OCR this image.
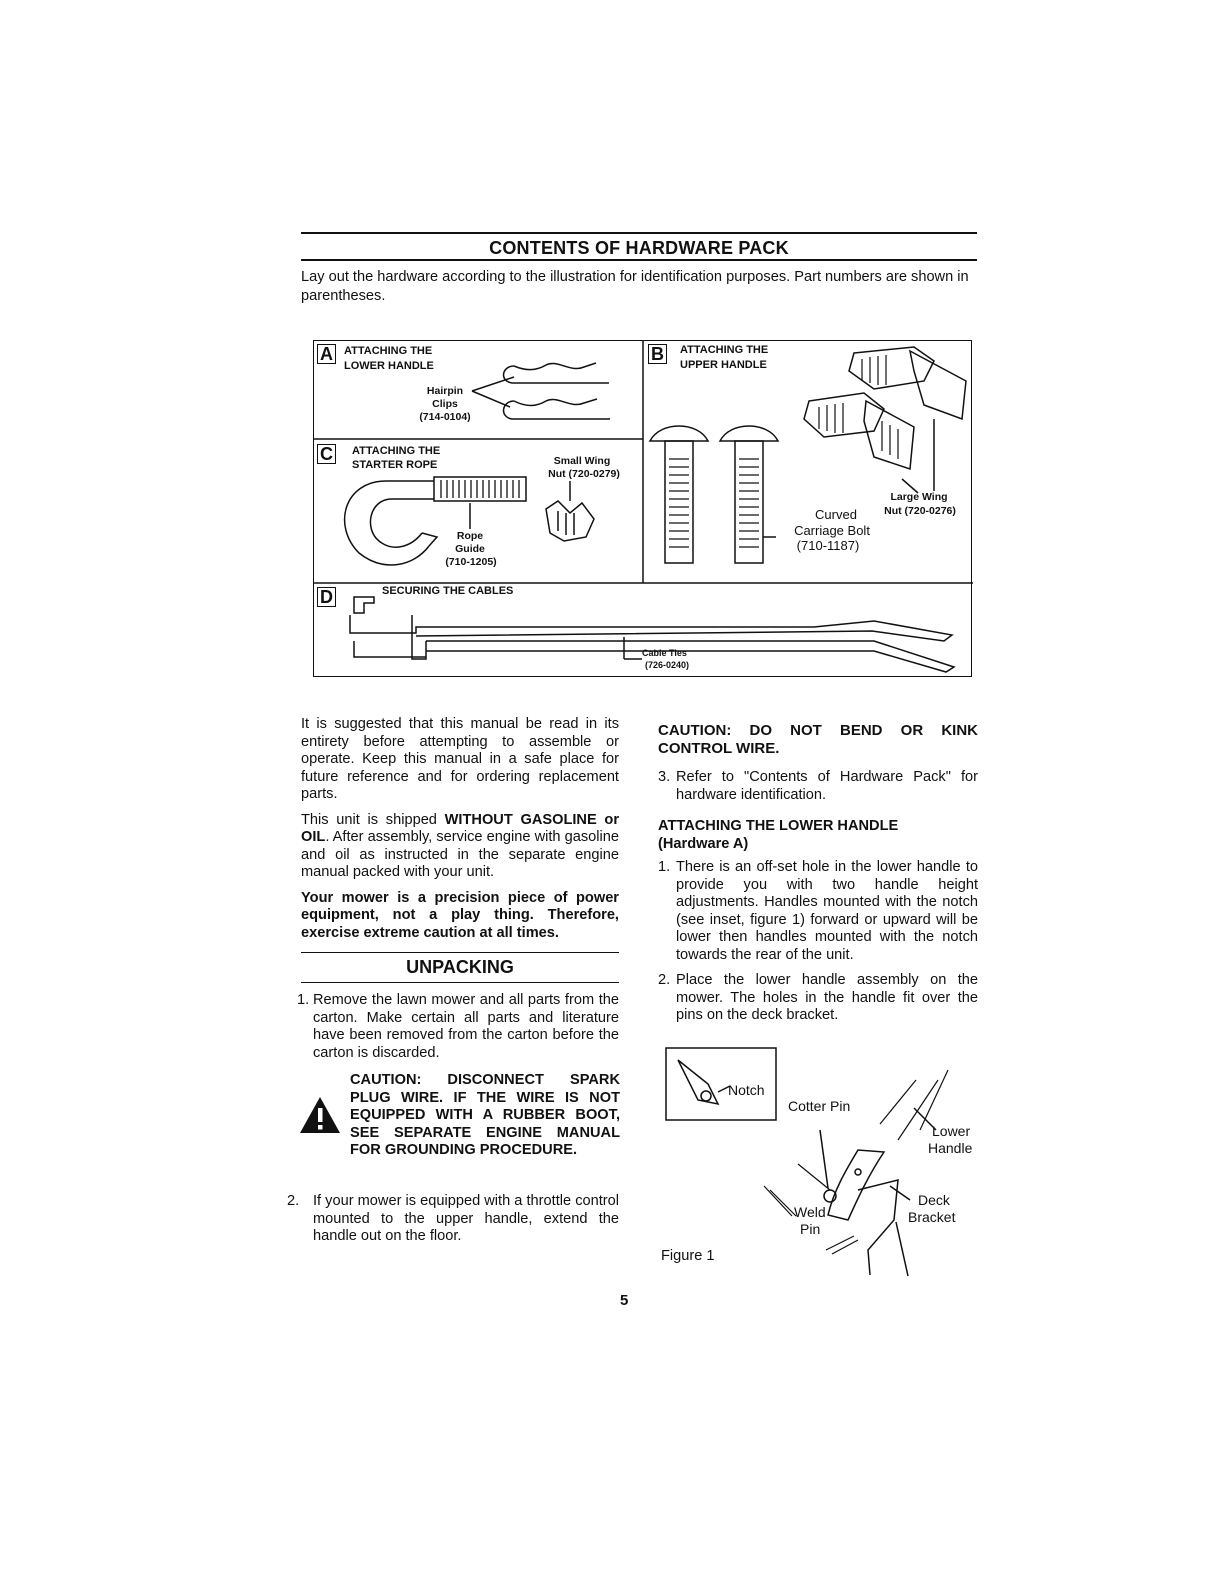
CONTENTS OF HARDWARE PACK
Lay out the hardware according to the illustration for identification purposes. Part numbers are shown in parentheses.
A ATTACHING THE
LOWER HANDLE
Hairpin
Clips
(714-0104)
C ATTACHING THE
STARTER ROPE	Small Wing
Nut (720-0279)
Rope
Guide
(710-1205)
B ATTACHING THE
UPPER HANDLE
Large Wing
Nut (720-0276)
Curved
Carriage Bolt
(710-1187)
D	SECURING THE CABLES
Cable Ties
(726-0240)

It is suggested that this manual be read in its entirety before attempting to assemble or operate. Keep this manual in a safe place for future reference and for ordering replacement parts.

This unit is shipped WITHOUT GASOLINE or OIL. After assembly, service engine with gasoline and oil as instructed in the separate engine manual packed with your unit.

Your mower is a precision piece of power equipment, not a play thing. Therefore, exercise extreme caution at all times.

UNPACKING
1. Remove the lawn mower and all parts from the carton. Make certain all parts and literature have been removed from the carton before the carton is discarded.
CAUTION: DISCONNECT SPARK PLUG WIRE. IF THE WIRE IS NOT EQUIPPED WITH A RUBBER BOOT, SEE SEPARATE ENGINE MANUAL FOR GROUNDING PROCEDURE.
2. If your mower is equipped with a throttle control mounted to the upper handle, extend the handle out on the floor.

CAUTION: DO NOT BEND OR KINK CONTROL WIRE.

3. Refer to "Contents of Hardware Pack" for hardware identification.

ATTACHING THE LOWER HANDLE

(Hardware A)

1. There is an off-set hole in the lower handle to provide you with two handle height adjustments. Handles mounted with the notch (see inset, figure 1) forward or upward will be lower then handles mounted with the notch towards the rear of the unit.
2. Place the lower handle assembly on the mower. The holes in the handle fit over the pins on the deck bracket.
Notch
Cotter Pin
Lower
Handle
Deck
Bracket
Weld
Pin
Figure 1
5
